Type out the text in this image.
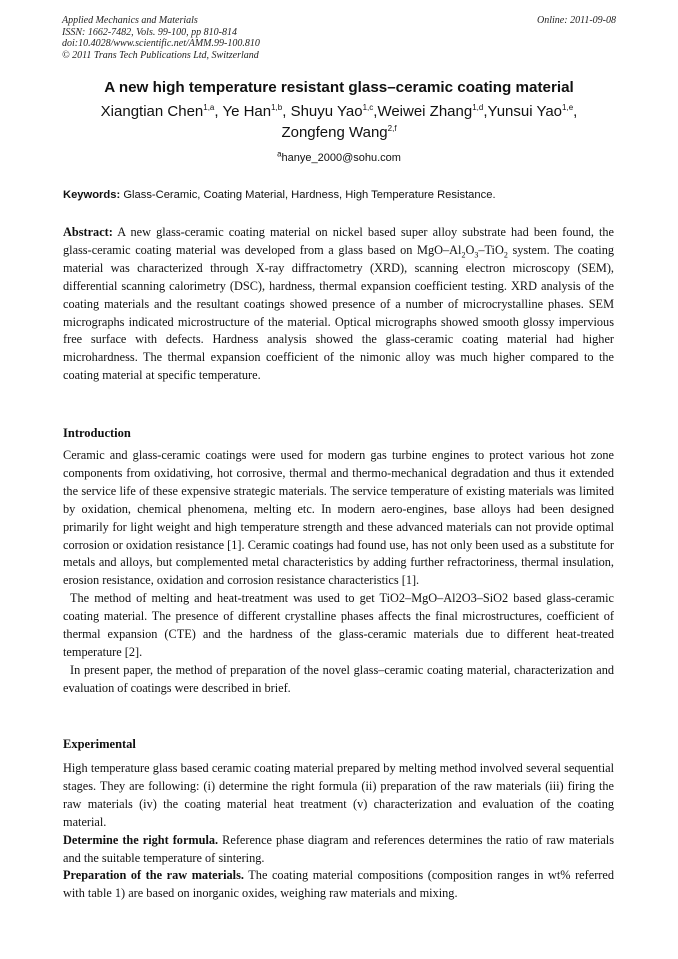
Applied Mechanics and Materials
ISSN: 1662-7482, Vols. 99-100, pp 810-814
doi:10.4028/www.scientific.net/AMM.99-100.810
© 2011 Trans Tech Publications Ltd, Switzerland
Online: 2011-09-08
A new high temperature resistant glass–ceramic coating material
Xiangtian Chen$^{1,a}$, Ye Han$^{1,b}$, Shuyu Yao$^{1,c}$,Weiwei Zhang$^{1,d}$,Yunsui Yao$^{1,e}$,
Zongfeng Wang$^{2,f}$
$^a$hanye_2000@sohu.com
Keywords: Glass-Ceramic, Coating Material, Hardness, High Temperature Resistance.

Abstract: A new glass-ceramic coating material on nickel based super alloy substrate had been found, the glass-ceramic coating material was developed from a glass based on MgO–$Al_2O_3-TiO_2$ system. The coating material was characterized through X-ray diffractometry (XRD), scanning electron microscopy (SEM), differential scanning calorimetry (DSC), hardness, thermal expansion coefficient testing. XRD analysis of the coating materials and the resultant coatings showed presence of a number of microcrystalline phases. SEM micrographs indicated microstructure of the material. Optical micrographs showed smooth glossy impervious free surface with defects. Hardness analysis showed the glass-ceramic coating material had higher microhardness. The thermal expansion coefficient of the nimonic alloy was much higher compared to the coating material at specific temperature.

Introduction

Ceramic and glass-ceramic coatings were used for modern gas turbine engines to protect various hot zone components from oxidativing, hot corrosive, thermal and thermo-mechanical degradation and thus it extended the service life of these expensive strategic materials. The service temperature of existing materials was limited by oxidation, chemical phenomena, melting etc. In modern aero-engines, base alloys had been designed primarily for light weight and high temperature strength and these advanced materials can not provide optimal corrosion or oxidation resistance [1]. Ceramic coatings had found use, has not only been used as a substitute for metals and alloys, but complemented metal characteristics by adding further refractoriness, thermal insulation, erosion resistance, oxidation and corrosion resistance characteristics [1].

The method of melting and heat-treatment was used to get TiO2–MgO–Al2O3–SiO2 based glass-ceramic coating material. The presence of different crystalline phases affects the final microstructures, coefficient of thermal expansion (CTE) and the hardness of the glass-ceramic materials due to different heat-treated temperature [2].

In present paper, the method of preparation of the novel glass–ceramic coating material, characterization and evaluation of coatings were described in brief.

Experimental

High temperature glass based ceramic coating material prepared by melting method involved several sequential stages. They are following: (i) determine the right formula (ii) preparation of the raw materials (iii) firing the raw materials (iv) the coating material heat treatment (v) characterization and evaluation of the coating material.

Determine the right formula. Reference phase diagram and references determines the ratio of raw materials and the suitable temperature of sintering.

Preparation of the raw materials. The coating material compositions (composition ranges in wt% referred with table 1) are based on inorganic oxides, weighing raw materials and mixing.
